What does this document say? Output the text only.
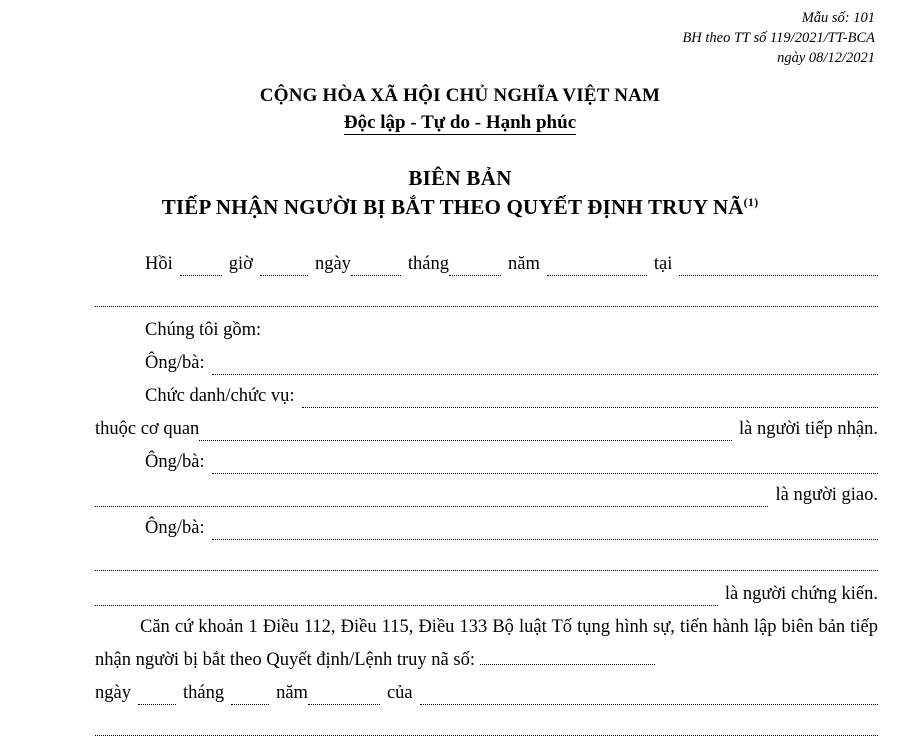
Mẫu số: 101
BH theo TT số 119/2021/TT-BCA
ngày 08/12/2021
CỘNG HÒA XÃ HỘI CHỦ NGHĨA VIỆT NAM
Độc lập - Tự do - Hạnh phúc
BIÊN BẢN
TIẾP NHẬN NGƯỜI BỊ BẮT THEO QUYẾT ĐỊNH TRUY NÃ$^{(1)}$
Hồi	giờ	ngày	tháng	năm	tại
Chúng tôi gồm:
Ông/bà:
Chức danh/chức vụ:
thuộc cơ quan	là người tiếp nhận.
Ông/bà:
là người giao.
Ông/bà:
là người chứng kiến.
Căn cứ khoản 1 Điều 112, Điều 115, Điều 133 Bộ luật Tố tụng hình sự, tiến hành lập biên bản tiếp nhận người bị bắt theo Quyết định/Lệnh truy nã số:
ngày	tháng	năm	của
